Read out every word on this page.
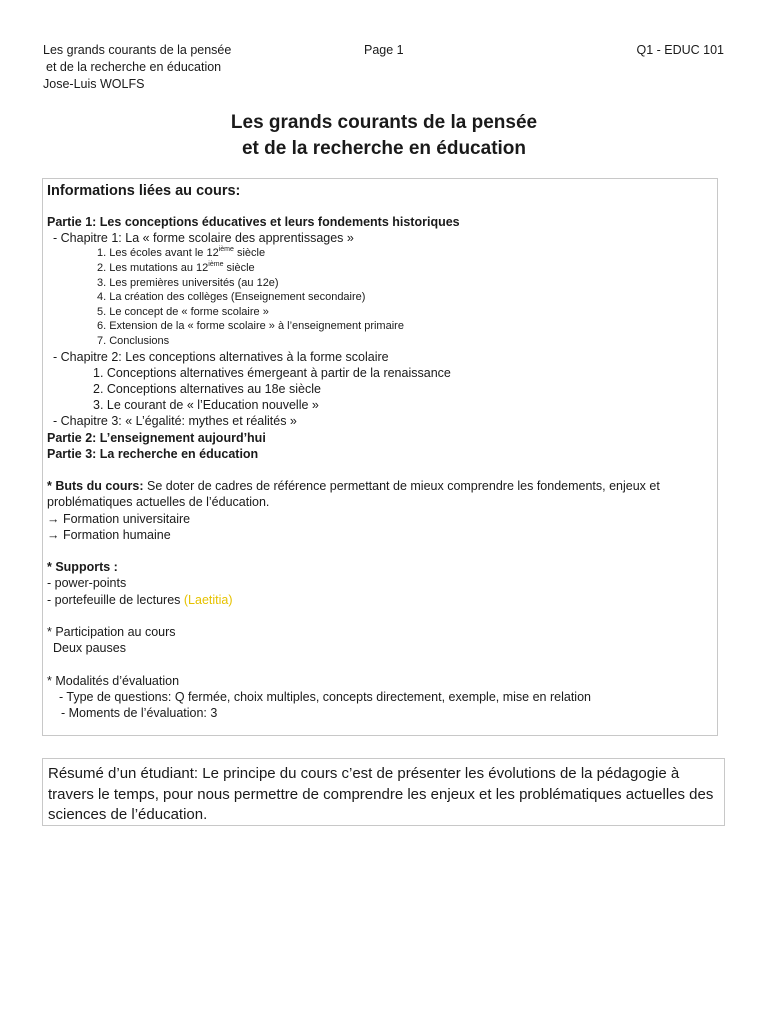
Les grands courants de la pensée
et de la recherche en éducation
Jose-Luis WOLFS
Page 1	Q1 - EDUC 101
Les grands courants de la pensée
et de la recherche en éducation
Informations liées au cours:
Partie 1: Les conceptions éducatives et leurs fondements historiques
- Chapitre 1: La « forme scolaire des apprentissages »
1. Les écoles avant le 12ième siècle
2. Les mutations au 12ième siècle
3. Les premières universités (au 12e)
4. La création des collèges (Enseignement secondaire)
5. Le concept de « forme scolaire »
6. Extension de la « forme scolaire » à l’enseignement primaire
7. Conclusions
- Chapitre 2: Les conceptions alternatives à la forme scolaire
1. Conceptions alternatives émergeant à partir de la renaissance
2. Conceptions alternatives au 18e siècle
3. Le courant de « l’Education nouvelle »
- Chapitre 3: « L’égalité: mythes et réalités »
Partie 2: L’enseignement aujourd’hui
Partie 3: La recherche en éducation
* Buts du cours: Se doter de cadres de référence permettant de mieux comprendre les fondements, enjeux et problématiques actuelles de l’éducation.
→ Formation universitaire
→ Formation humaine
* Supports :
- power-points
- portefeuille de lectures (Laetitia)
* Participation au cours
Deux pauses
* Modalités d’évaluation
- Type de questions: Q fermée, choix multiples, concepts directement, exemple, mise en relation
- Moments de l’évaluation: 3
Résumé d’un étudiant: Le principe du cours c’est de présenter les évolutions de la pédagogie à travers le temps, pour nous permettre de comprendre les enjeux et les problématiques actuelles des sciences de l’éducation.
